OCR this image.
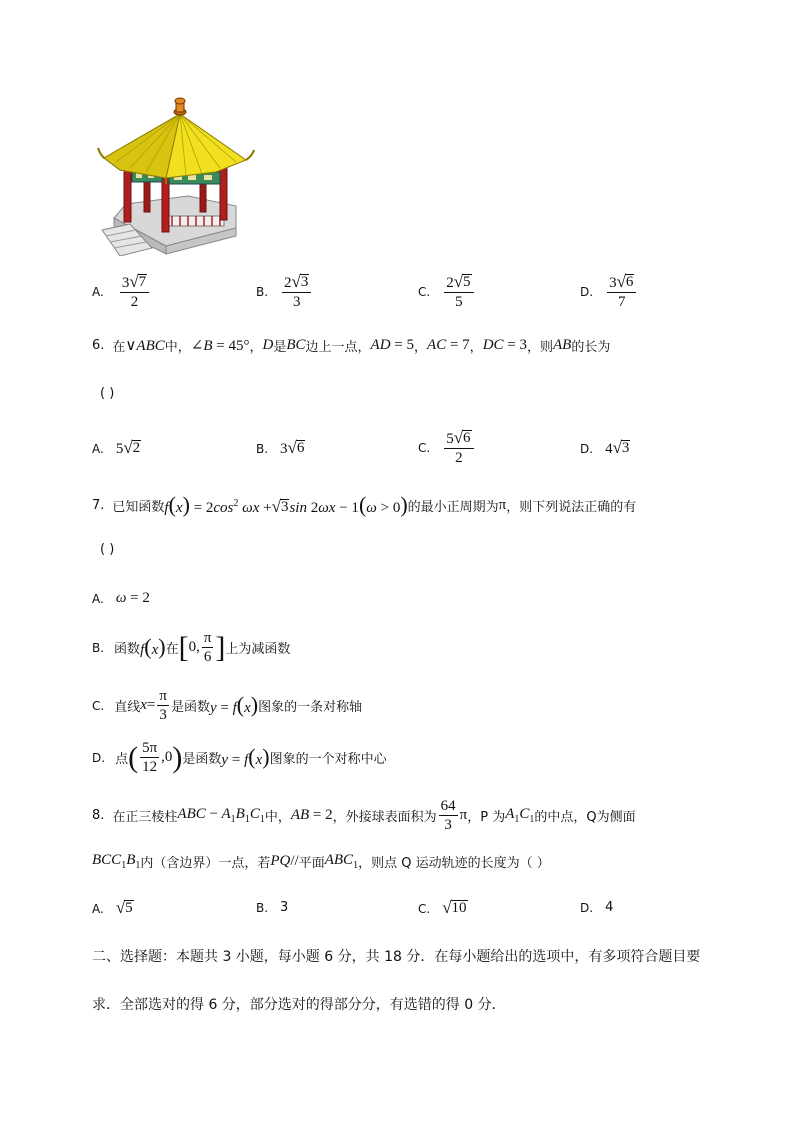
A. $\frac{3 √ 7}{2}$	B. $\frac{2 √ 3}{3}$	C. $\frac{2 √ 5}{5}$	D. $\frac{3 √ 6}{7}$
6. 在 ∨ABC 中， ∠B = 45° ， D 是 BC 边上一点， AD = 5 ， AC = 7 ， DC = 3 ，则 AB 的长为
( )
A. 5 √ 2	B. 3 √ 6	C. $\frac{5 √ 6}{2}$	D. 4 √ 3
7. 已知函数 $f(x) = 2\cos^2$ ωx + √ 3 sin 2ωx − 1(ω > 0) 的最小正周期为 π ，则下列说法正确的有
( )
A. ω = 2
B. 函数 f(x) 在 [ 0, $\frac{\pi}{6}$ ] 上为减函数
C. 直线 $x = \frac{\pi}{3}$ 是函数 y = f(x) 图象的一条对称轴
D. 点 ( $\frac{5\pi}{12} ,0$ ) 是函数 y = f(x) 图象的一个对称中心
8. 在正三棱柱 ABC − $A_1B_1C_1$ 中， AB = 2 ，外接球表面积为 $\frac{64}{3}$ π ，P 为 $A_1C_1$ 的中点，Q为侧面
$BCC_1B_1$ 内（含边界）一点，若 PQ// 平面 $ABC_1$ ，则点 Q 运动轨迹的长度为（ ）
A. √ 5	B. 3	C. √ 10	D. 4
二、选择题：本题共 3 小题，每小题 6 分，共 18 分．在每小题给出的选项中，有多项符合题目要
求．全部选对的得 6 分，部分选对的得部分分，有选错的得 0 分．
